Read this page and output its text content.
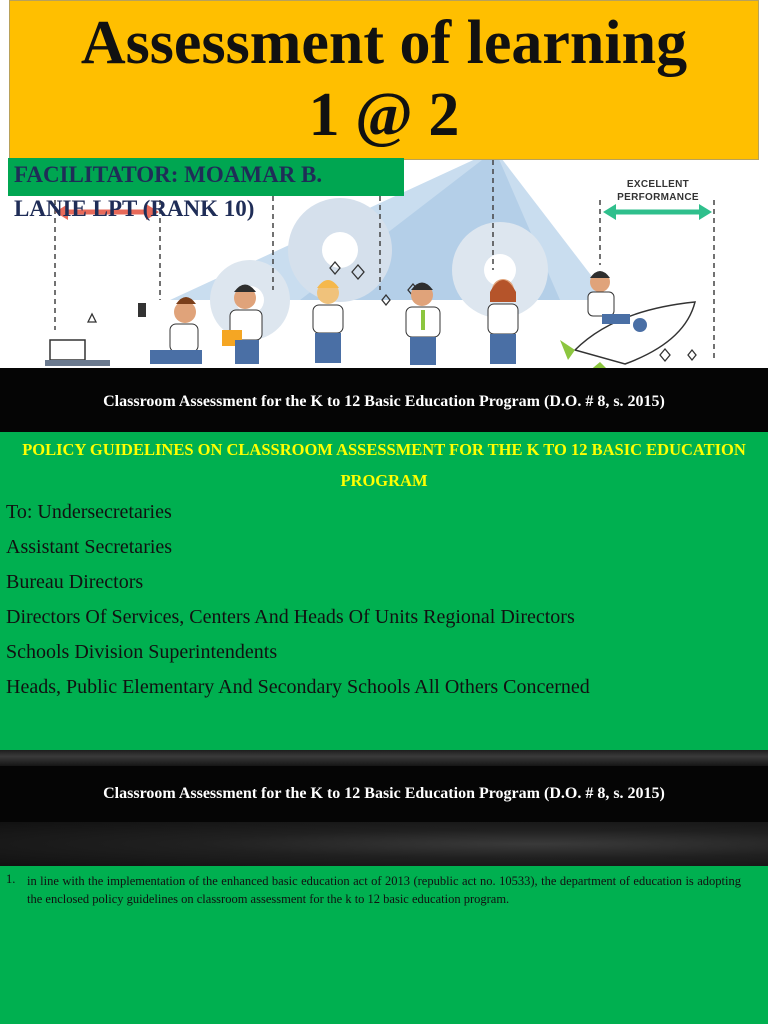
EXCELLENT PERFORMANCE
Assessment of learning
1 @ 2
FACILITATOR: MOAMAR B.
LANIE LPT (RANK 10)
Classroom Assessment for the K to 12 Basic Education Program (D.O. # 8, s. 2015)
POLICY GUIDELINES ON CLASSROOM ASSESSMENT FOR THE K TO 12 BASIC EDUCATION PROGRAM
To: Undersecretaries
Assistant Secretaries
Bureau Directors
Directors Of Services, Centers And Heads Of Units Regional Directors
Schools Division Superintendents
Heads, Public Elementary And Secondary Schools All Others Concerned
Classroom Assessment for the K to 12 Basic Education Program (D.O. # 8, s. 2015)
1. in line with the implementation of the enhanced basic education act of 2013 (republic act no. 10533), the department of education is adopting the enclosed policy guidelines on classroom assessment for the k to 12 basic education program.
